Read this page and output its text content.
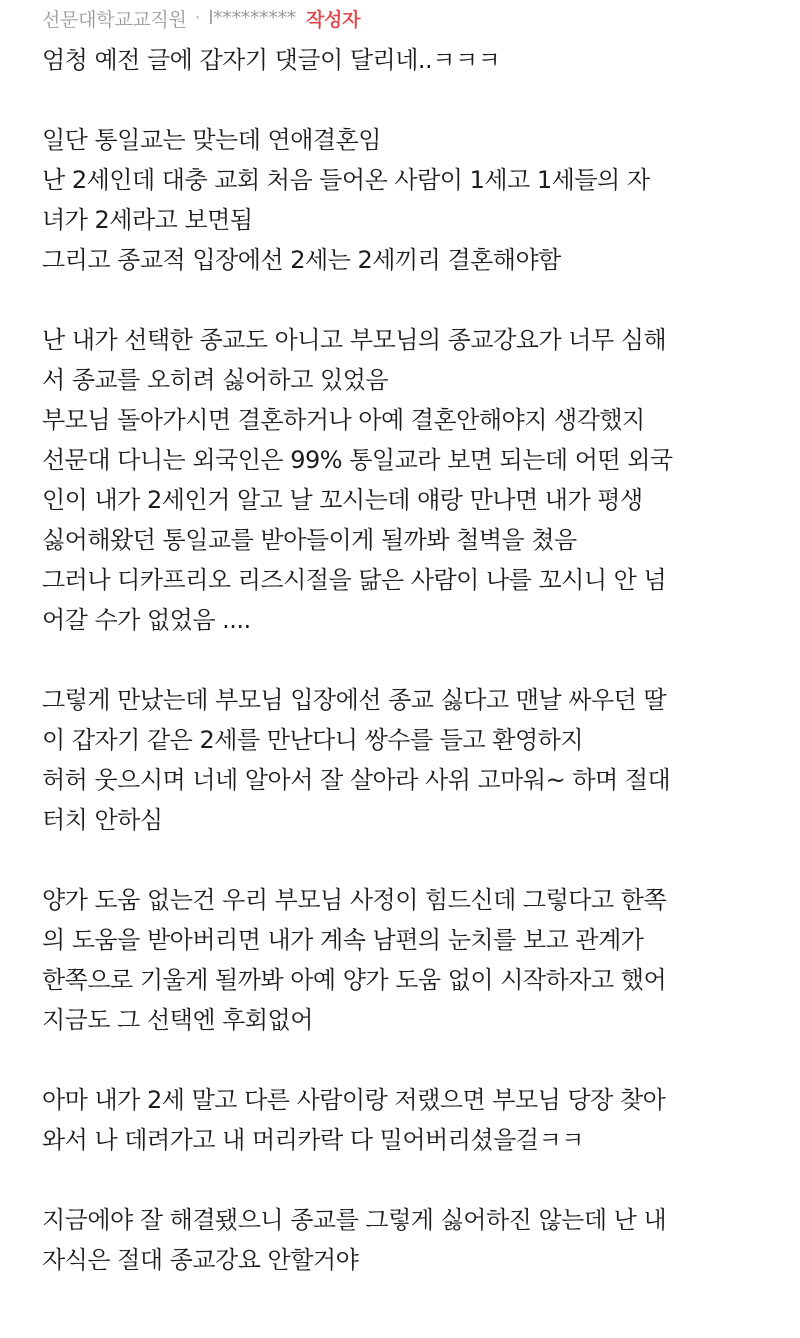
선문대학교교직원 · l********* 작성자
엄청 예전 글에 갑자기 댓글이 달리네..ㅋㅋㅋ
일단 통일교는 맞는데 연애결혼임
난 2세인데 대충 교회 처음 들어온 사람이 1세고 1세들의 자
녀가 2세라고 보면됨
그리고 종교적 입장에선 2세는 2세끼리 결혼해야함
난 내가 선택한 종교도 아니고 부모님의 종교강요가 너무 심해
서 종교를 오히려 싫어하고 있었음
부모님 돌아가시면 결혼하거나 아예 결혼안해야지 생각했지
선문대 다니는 외국인은 99% 통일교라 보면 되는데 어떤 외국
인이 내가 2세인거 알고 날 꼬시는데 얘랑 만나면 내가 평생
싫어해왔던 통일교를 받아들이게 될까봐 철벽을 쳤음
그러나 디카프리오 리즈시절을 닮은 사람이 나를 꼬시니 안 넘
어갈 수가 없었음 ....
그렇게 만났는데 부모님 입장에선 종교 싫다고 맨날 싸우던 딸
이 갑자기 같은 2세를 만난다니 쌍수를 들고 환영하지
허허 웃으시며 너네 알아서 잘 살아라 사위 고마워~ 하며 절대
터치 안하심
양가 도움 없는건 우리 부모님 사정이 힘드신데 그렇다고 한쪽
의 도움을 받아버리면 내가 계속 남편의 눈치를 보고 관계가
한쪽으로 기울게 될까봐 아예 양가 도움 없이 시작하자고 했어
지금도 그 선택엔 후회없어
아마 내가 2세 말고 다른 사람이랑 저랬으면 부모님 당장 찾아
와서 나 데려가고 내 머리카락 다 밀어버리셨을걸ㅋㅋ
지금에야 잘 해결됐으니 종교를 그렇게 싫어하진 않는데 난 내
자식은 절대 종교강요 안할거야
